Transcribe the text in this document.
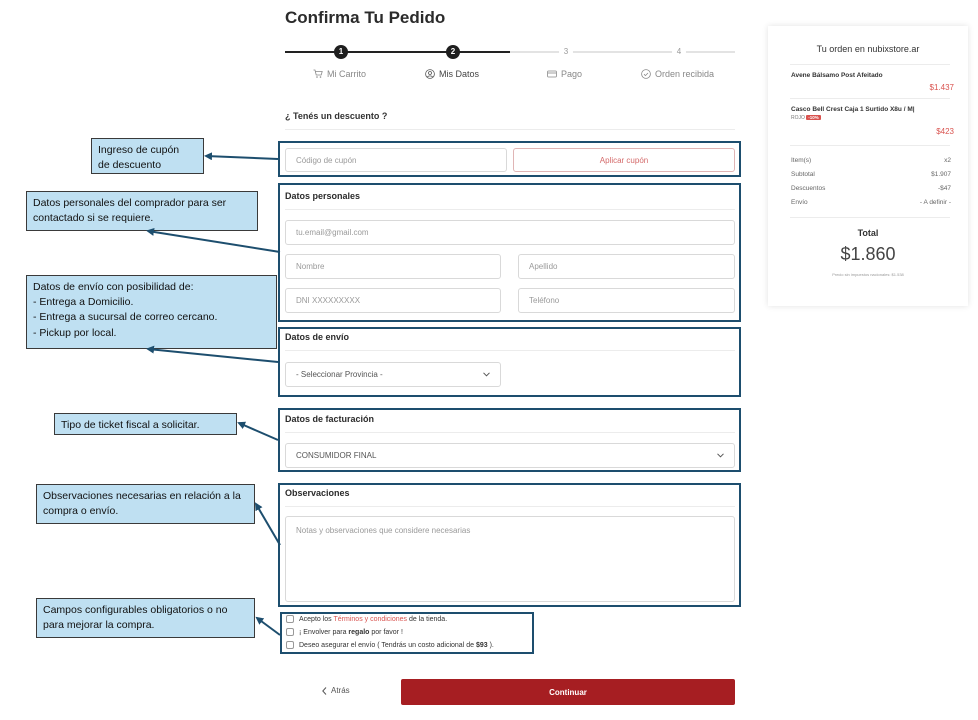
Confirma Tu Pedido
1	2	3	4
Mi Carrito	Mis Datos	Pago	Orden recibida
¿ Tenés un descuento ?
Código de cupón	Aplicar cupón
Datos personales
tu.email@gmail.com
Nombre	Apellido
DNI XXXXXXXXX	Teléfono
Datos de envío
- Seleccionar Provincia -
Datos de facturación
CONSUMIDOR FINAL
Observaciones
Notas y observaciones que considere necesarias
Acepto los Términos y condiciones de la tienda.
¡ Envolver para regalo por favor !
Deseo asegurar el envío ( Tendrás un costo adicional de $93 ).
Atrás	Continuar
Tu orden en nubixstore.ar
Avene Bálsamo Post Afeitado
$1.437
Casco Bell Crest Caja 1 Surtido X8u / M|
ROJO -10%
$423
Item(s)	x2
Subtotal	$1.907
Descuentos	-$47
Envío	- A definir -
Total
$1.860
Precio sin impuestos nacionales: $1.538
Ingreso de cupón
de descuento
Datos personales del comprador para ser contactado si se requiere.
Datos de envío con posibilidad de:
- Entrega a Domicilio.
- Entrega a sucursal de correo cercano.
- Pickup por local.
Tipo de ticket fiscal a solicitar.
Observaciones necesarias en relación a la compra o envío.
Campos configurables obligatorios o no para mejorar la compra.
